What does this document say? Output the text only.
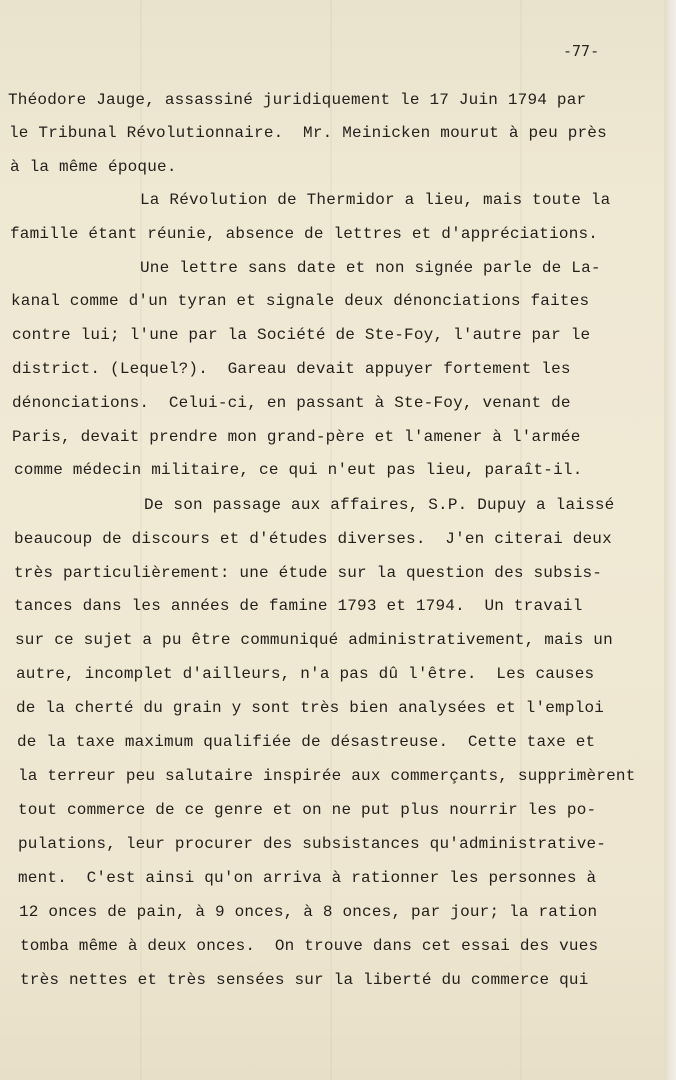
-77-
Théodore Jauge, assassiné juridiquement le 17 Juin 1794 par
le Tribunal Révolutionnaire.  Mr. Meinicken mourut à peu près
à la même époque.
La Révolution de Thermidor a lieu, mais toute la
famille étant réunie, absence de lettres et d'appréciations.
Une lettre sans date et non signée parle de La-
kanal comme d'un tyran et signale deux dénonciations faites
contre lui; l'une par la Société de Ste-Foy, l'autre par le
district. (Lequel?).  Gareau devait appuyer fortement les
dénonciations.  Celui-ci, en passant à Ste-Foy, venant de
Paris, devait prendre mon grand-père et l'amener à l'armée
comme médecin militaire, ce qui n'eut pas lieu, paraît-il.
De son passage aux affaires, S.P. Dupuy a laissé
beaucoup de discours et d'études diverses.  J'en citerai deux
très particulièrement: une étude sur la question des subsis-
tances dans les années de famine 1793 et 1794.  Un travail
sur ce sujet a pu être communiqué administrativement, mais un
autre, incomplet d'ailleurs, n'a pas dû l'être.  Les causes
de la cherté du grain y sont très bien analysées et l'emploi
de la taxe maximum qualifiée de désastreuse.  Cette taxe et
la terreur peu salutaire inspirée aux commerçants, supprimèrent
tout commerce de ce genre et on ne put plus nourrir les po-
pulations, leur procurer des subsistances qu'administrative-
ment.  C'est ainsi qu'on arriva à rationner les personnes à
12 onces de pain, à 9 onces, à 8 onces, par jour; la ration
tomba même à deux onces.  On trouve dans cet essai des vues
très nettes et très sensées sur la liberté du commerce qui
